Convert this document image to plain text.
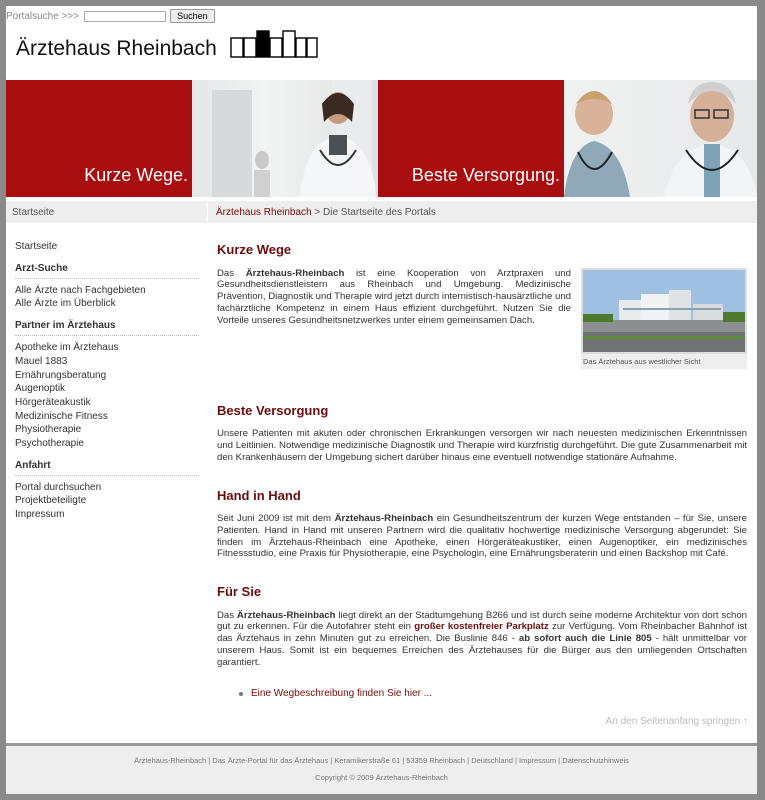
Portalsuche >>>	Suchen
Ärztehaus Rheinbach
Kurze Wege.	Beste Versorgung.
Startseite	Ärztehaus Rheinbach > Die Startseite des Portals
Startseite
Arzt-Suche
Alle Ärzte nach Fachgebieten
Alle Ärzte im Überblick
Partner im Ärztehaus
Apotheke im Ärztehaus
Mauel 1883
Ernährungsberatung
Augenoptik
Hörgeräteakustik
Medizinische Fitness
Physiotherapie
Psychotherapie
Anfahrt
Portal durchsuchen
Projektbeteiligte
Impressum
Kurze Wege
Das Ärztehaus aus westlicher Sicht

Das Ärztehaus-Rheinbach ist eine Kooperation von Arztpraxen und Gesundheitsdienstleistern aus Rheinbach und Umgebung. Medizinische Prävention, Diagnostik und Therapie wird jetzt durch internistisch-hausärztliche und fachärztliche Kompetenz in einem Haus effizient durchgeführt. Nutzen Sie die Vorteile unseres Gesundheitsnetzwerkes unter einem gemeinsamen Dach.

Beste Versorgung

Unsere Patienten mit akuten oder chronischen Erkrankungen versorgen wir nach neuesten medizinischen Erkenntnissen und Leitlinien. Notwendige medizinische Diagnostik und Therapie wird kurzfristig durchgeführt. Die gute Zusammenarbeit mit den Krankenhäusern der Umgebung sichert darüber hinaus eine eventuell notwendige stationäre Aufnahme.

Hand in Hand

Seit Juni 2009 ist mit dem Ärztehaus-Rheinbach ein Gesundheitszentrum der kurzen Wege entstanden – für Sie, unsere Patienten. Hand in Hand mit unseren Partnern wird die qualitativ hochwertige medizinische Versorgung abgerundet: Sie finden im Ärztehaus-Rheinbach eine Apotheke, einen Hörgeräteakustiker, einen Augenoptiker, ein medizinisches Fitnessstudio, eine Praxis für Physiotherapie, eine Psychologin, eine Ernährungsberaterin und einen Backshop mit Café.

Für Sie

Das Ärztehaus-Rheinbach liegt direkt an der Stadtumgehung B266 und ist durch seine moderne Architektur von dort schon gut zu erkennen. Für die Autofahrer steht ein großer kostenfreier Parkplatz zur Verfügung. Vom Rheinbacher Bahnhof ist das Ärztehaus in zehn Minuten gut zu erreichen. Die Buslinie 846 - ab sofort auch die Linie 805 - hält unmittelbar vor unserem Haus. Somit ist ein bequemes Erreichen des Ärztehauses für die Bürger aus den umliegenden Ortschaften garantiert.

Eine Wegbeschreibung finden Sie hier ...
An den Seitenanfang springen ↑
Ärztehaus-Rheinbach | Das Ärzte-Portal für das Ärztehaus | Keramikerstraße 61 | 53359 Rheinbach | Deutschland | Impressum | Datenschutzhinweis
Copyright © 2009 Ärztehaus-Rheinbach
